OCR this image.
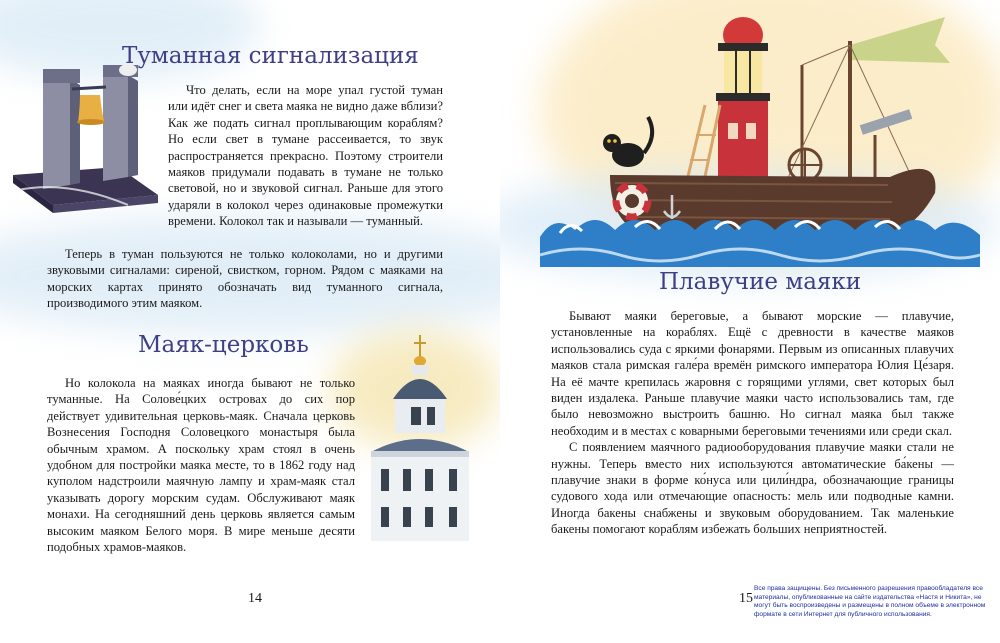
Туманная сигнализация

Что делать, если на море упал густой туман или идёт снег и света маяка не видно даже вблизи? Как же подать сигнал проплывающим кораблям? Но если свет в тумане рассеивается, то звук распространяется прекрасно. Поэтому строители маяков придумали подавать в тумане не только световой, но и звуковой сигнал. Раньше для этого ударяли в колокол через одинаковые промежутки времени. Колокол так и называли — туманный.

Теперь в туман пользуются не только колоколами, но и другими звуковыми сигналами: сиреной, свистком, горном. Рядом с маяками на морских картах принято обозначать вид туманного сигнала, производимого этим маяком.

Маяк-церковь

Но колокола на маяках иногда бывают не только туманные. На Солове́цких островах до сих пор действует удивительная церковь-маяк. Сначала церковь Вознесения Господня Соловецкого монастыря была обычным храмом. А поскольку храм стоял в очень удобном для постройки маяка месте, то в 1862 году над куполом надстроили маячную лампу и храм-маяк стал указывать дорогу морским судам. Обслуживают маяк монахи. На сегодняшний день церковь является самым высоким маяком Белого моря. В мире меньше десяти подобных храмов-маяков.

14
Плавучие маяки

Бывают маяки береговые, а бывают морские — плавучие, установленные на кораблях. Ещё с древности в качестве маяков использовались суда с яркими фонарями. Первым из описанных плавучих маяков стала римская гале́ра времён римского императора Юлия Це́заря. На её мачте крепилась жаровня с горящими углями, свет которых был виден издалека. Раньше плавучие маяки часто использовались там, где было невозможно выстроить башню. Но сигнал маяка был также необходим и в местах с коварными береговыми течениями или среди скал.

С появлением маячного радиооборудования плавучие маяки стали не нужны. Теперь вместо них используются автоматические ба́кены — плавучие знаки в форме ко́нуса или цили́ндра, обозначающие границы судового хода или отмечающие опасность: мель или подводные камни. Иногда бакены снабжены и звуковым оборудованием. Так маленькие бакены помогают кораблям избежать больших неприятностей.

15

Все права защищены. Без письменного разрешения правообладателя все материалы, опубликованные на сайте издательства «Настя и Никита», не могут быть воспроизведены и размещены в полном объеме в электронном формате в сети Интернет для публичного использования.
